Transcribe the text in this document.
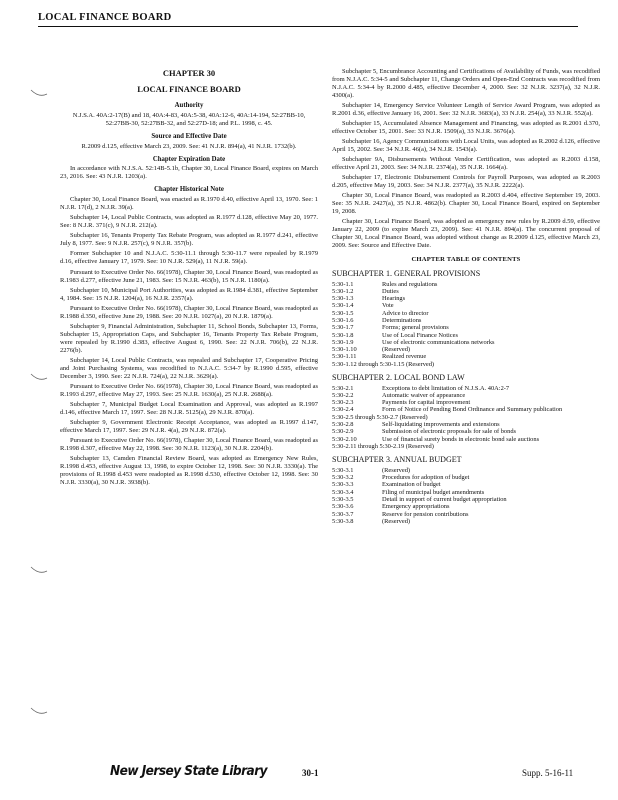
LOCAL FINANCE BOARD
CHAPTER 30
LOCAL FINANCE BOARD
Authority

N.J.S.A. 40A:2-17(B) and 18, 40A:4-83, 40A:5-38, 40A:12-6, 40A:14-194, 52:27BB-10, 52:27BB-30, 52:27BB-32, and 52:27D-18; and P.L. 1998, c. 45.

Source and Effective Date

R.2009 d.125, effective March 23, 2009. See: 41 N.J.R. 894(a), 41 N.J.R. 1732(b).

Chapter Expiration Date

In accordance with N.J.S.A. 52:14B-5.1b, Chapter 30, Local Finance Board, expires on March 23, 2016. See: 43 N.J.R. 1203(a).

Chapter Historical Note

Chapter 30, Local Finance Board, was enacted as R.1970 d.40, effective April 13, 1970. See: 1 N.J.R. 17(d), 2 N.J.R. 39(a).

Subchapter 14, Local Public Contracts, was adopted as R.1977 d.128, effective May 20, 1977. See: 8 N.J.R. 371(c), 9 N.J.R. 212(a).

Subchapter 16, Tenants Property Tax Rebate Program, was adopted as R.1977 d.241, effective July 8, 1977. See: 9 N.J.R. 257(c), 9 N.J.R. 357(b).

Former Subchapter 10 and N.J.A.C. 5:30-11.1 through 5:30-11.7 were repealed by R.1979 d.16, effective January 17, 1979. See: 10 N.J.R. 529(a), 11 N.J.R. 59(a).

Pursuant to Executive Order No. 66(1978), Chapter 30, Local Finance Board, was readopted as R.1983 d.277, effective June 21, 1983. See: 15 N.J.R. 463(b), 15 N.J.R. 1180(a).

Subchapter 10, Municipal Port Authorities, was adopted as R.1984 d.381, effective September 4, 1984. See: 15 N.J.R. 1204(a), 16 N.J.R. 2357(a).

Pursuant to Executive Order No. 66(1978), Chapter 30, Local Finance Board, was readopted as R.1988 d.350, effective June 29, 1988. See: 20 N.J.R. 1027(a), 20 N.J.R. 1879(a).

Subchapter 9, Financial Administration, Subchapter 11, School Bonds, Subchapter 13, Forms, Subchapter 15, Appropriation Caps, and Subchapter 16, Tenants Property Tax Rebate Program, were repealed by R.1990 d.383, effective August 6, 1990. See: 22 N.J.R. 706(b), 22 N.J.R. 2276(b).

Subchapter 14, Local Public Contracts, was repealed and Subchapter 17, Cooperative Pricing and Joint Purchasing Systems, was recodified to N.J.A.C. 5:34-7 by R.1990 d.595, effective December 3, 1990. See: 22 N.J.R. 724(a), 22 N.J.R. 3629(a).

Pursuant to Executive Order No. 66(1978), Chapter 30, Local Finance Board, was readopted as R.1993 d.297, effective May 27, 1993. See: 25 N.J.R. 1630(a), 25 N.J.R. 2688(a).

Subchapter 7, Municipal Budget Local Examination and Approval, was adopted as R.1997 d.146, effective March 17, 1997. See: 28 N.J.R. 5125(a), 29 N.J.R. 870(a).

Subchapter 9, Government Electronic Receipt Acceptance, was adopted as R.1997 d.147, effective March 17, 1997. See: 29 N.J.R. 4(a), 29 N.J.R. 872(a).

Pursuant to Executive Order No. 66(1978), Chapter 30, Local Finance Board, was readopted as R.1998 d.307, effective May 22, 1998. See: 30 N.J.R. 1123(a), 30 N.J.R. 2204(b).

Subchapter 13, Camden Financial Review Board, was adopted as Emergency New Rules, R.1998 d.453, effective August 13, 1998, to expire October 12, 1998. See: 30 N.J.R. 3330(a). The provisions of R.1998 d.453 were readopted as R.1998 d.530, effective October 12, 1998. See: 30 N.J.R. 3330(a), 30 N.J.R. 3938(b).

Subchapter 5, Encumbrance Accounting and Certifications of Availability of Funds, was recodified from N.J.A.C. 5:34-5 and Subchapter 11, Change Orders and Open-End Contracts was recodified from N.J.A.C. 5:34-4 by R.2000 d.485, effective December 4, 2000. See: 32 N.J.R. 3237(a), 32 N.J.R. 4300(a).

Subchapter 14, Emergency Service Volunteer Length of Service Award Program, was adopted as R.2001 d.36, effective January 16, 2001. See: 32 N.J.R. 3683(a), 33 N.J.R. 254(a), 33 N.J.R. 552(a).

Subchapter 15, Accumulated Absence Management and Financing, was adopted as R.2001 d.370, effective October 15, 2001. See: 33 N.J.R. 1509(a), 33 N.J.R. 3676(a).

Subchapter 16, Agency Communications with Local Units, was adopted as R.2002 d.126, effective April 15, 2002. See: 34 N.J.R. 46(a), 34 N.J.R. 1543(a).

Subchapter 9A, Disbursements Without Vendor Certification, was adopted as R.2003 d.158, effective April 21, 2003. See: 34 N.J.R. 2374(a), 35 N.J.R. 1664(a).

Subchapter 17, Electronic Disbursement Controls for Payroll Purposes, was adopted as R.2003 d.205, effective May 19, 2003. See: 34 N.J.R. 2377(a), 35 N.J.R. 2222(a).

Chapter 30, Local Finance Board, was readopted as R.2003 d.404, effective September 19, 2003. See: 35 N.J.R. 2427(a), 35 N.J.R. 4862(b). Chapter 30, Local Finance Board, expired on September 19, 2008.

Chapter 30, Local Finance Board, was adopted as emergency new rules by R.2009 d.59, effective January 22, 2009 (to expire March 23, 2009). See: 41 N.J.R. 894(a). The concurrent proposal of Chapter 30, Local Finance Board, was adopted without change as R.2009 d.125, effective March 23, 2009. See: Source and Effective Date.

CHAPTER TABLE OF CONTENTS
SUBCHAPTER 1. GENERAL PROVISIONS
5:30-1.1	Rules and regulations
5:30-1.2	Duties
5:30-1.3	Hearings
5:30-1.4	Vote
5:30-1.5	Advice to director
5:30-1.6	Determinations
5:30-1.7	Forms; general provisions
5:30-1.8	Use of Local Finance Notices
5:30-1.9	Use of electronic communications networks
5:30-1.10	(Reserved)
5:30-1.11	Realized revenue
5:30-1.12 through 5:30-1.15 (Reserved)
SUBCHAPTER 2. LOCAL BOND LAW
5:30-2.1	Exceptions to debt limitation of N.J.S.A. 40A:2-7
5:30-2.2	Automatic waiver of appearance
5:30-2.3	Payments for capital improvement
5:30-2.4	Form of Notice of Pending Bond Ordinance and Summary publication
5:30-2.5 through 5:30-2.7 (Reserved)
5:30-2.8	Self-liquidating improvements and extensions
5:30-2.9	Submission of electronic proposals for sale of bonds
5:30-2.10	Use of financial surety bonds in electronic bond sale auctions
5:30-2.11 through 5:30-2.19 (Reserved)
SUBCHAPTER 3. ANNUAL BUDGET
5:30-3.1	(Reserved)
5:30-3.2	Procedures for adoption of budget
5:30-3.3	Examination of budget
5:30-3.4	Filing of municipal budget amendments
5:30-3.5	Detail in support of current budget appropriation
5:30-3.6	Emergency appropriations
5:30-3.7	Reserve for pension contributions
5:30-3.8	(Reserved)
New Jersey State Library	30-1	Supp. 5-16-11
